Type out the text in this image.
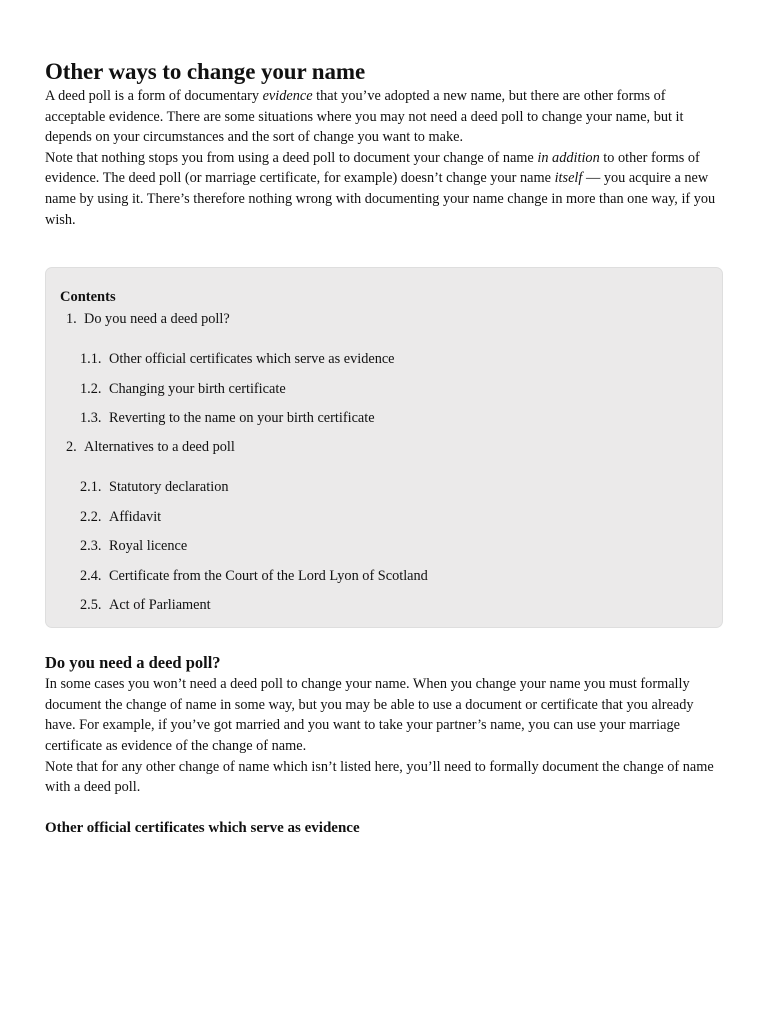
Other ways to change your name

A deed poll is a form of documentary evidence that you’ve adopted a new name, but there are other forms of acceptable evidence. There are some situations where you may not need a deed poll to change your name, but it depends on your circumstances and the sort of change you want to make.

Note that nothing stops you from using a deed poll to document your change of name in addition to other forms of evidence. The deed poll (or marriage certificate, for example) doesn’t change your name itself — you acquire a new name by using it. There’s therefore nothing wrong with documenting your name change in more than one way, if you wish.

Contents
1. Do you need a deed poll?
1.1. Other official certificates which serve as evidence
1.2. Changing your birth certificate
1.3. Reverting to the name on your birth certificate
2. Alternatives to a deed poll
2.1. Statutory declaration
2.2. Affidavit
2.3. Royal licence
2.4. Certificate from the Court of the Lord Lyon of Scotland
2.5. Act of Parliament
Do you need a deed poll?

In some cases you won’t need a deed poll to change your name. When you change your name you must formally document the change of name in some way, but you may be able to use a document or certificate that you already have. For example, if you’ve got married and you want to take your partner’s name, you can use your marriage certificate as evidence of the change of name.

Note that for any other change of name which isn’t listed here, you’ll need to formally document the change of name with a deed poll.

Other official certificates which serve as evidence
